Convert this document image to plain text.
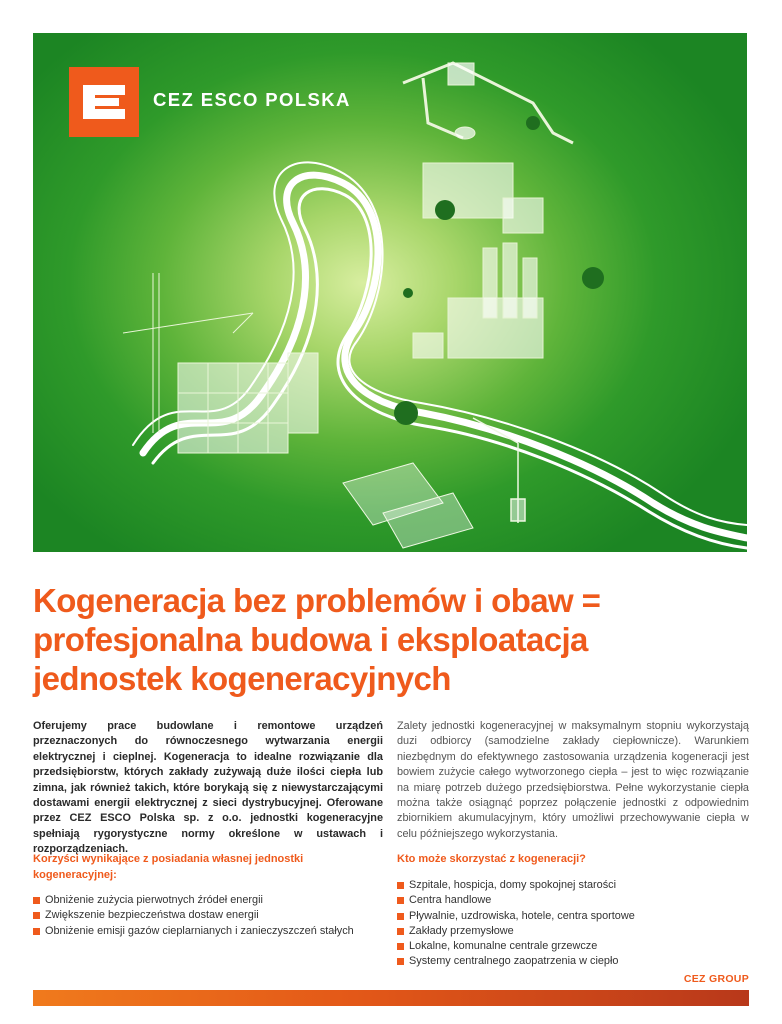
CEZ ESCO POLSKA
Kogeneracja bez problemów i obaw =
profesjonalna budowa i eksploatacja
jednostek kogeneracyjnych
Oferujemy prace budowlane i remontowe urządzeń przeznaczonych do równoczesnego wytwarzania energii elektrycznej i cieplnej. Kogeneracja to idealne rozwiązanie dla przedsiębiorstw, których zakłady zużywają duże ilości ciepła lub zimna, jak również takich, które borykają się z niewystarczającymi dostawami energii elektrycznej z sieci dystrybucyjnej. Oferowane przez CEZ ESCO Polska sp. z o.o. jednostki kogeneracyjne spełniają rygorystyczne normy określone w ustawach i rozporządzeniach.
Zalety jednostki kogeneracyjnej w maksymalnym stopniu wykorzystają duzi odbiorcy (samodzielne zakłady ciepłownicze). Warunkiem niezbędnym do efektywnego zastosowania urządzenia kogeneracji jest bowiem zużycie całego wytworzonego ciepła – jest to więc rozwiązanie na miarę potrzeb dużego przedsiębiorstwa. Pełne wykorzystanie ciepła można także osiągnąć poprzez połączenie jednostki z odpowiednim zbiornikiem akumulacyjnym, który umożliwi przechowywanie ciepła w celu późniejszego wykorzystania.
Korzyści wynikające z posiadania własnej jednostki
kogeneracyjnej:
Obniżenie zużycia pierwotnych źródeł energii
Zwiększenie bezpieczeństwa dostaw energii
Obniżenie emisji gazów cieplarnianych i zanieczyszczeń stałych
Kto może skorzystać z kogeneracji?
Szpitale, hospicja, domy spokojnej starości
Centra handlowe
Pływalnie, uzdrowiska, hotele, centra sportowe
Zakłady przemysłowe
Lokalne, komunalne centrale grzewcze
Systemy centralnego zaopatrzenia w ciepło
CEZ GROUP
